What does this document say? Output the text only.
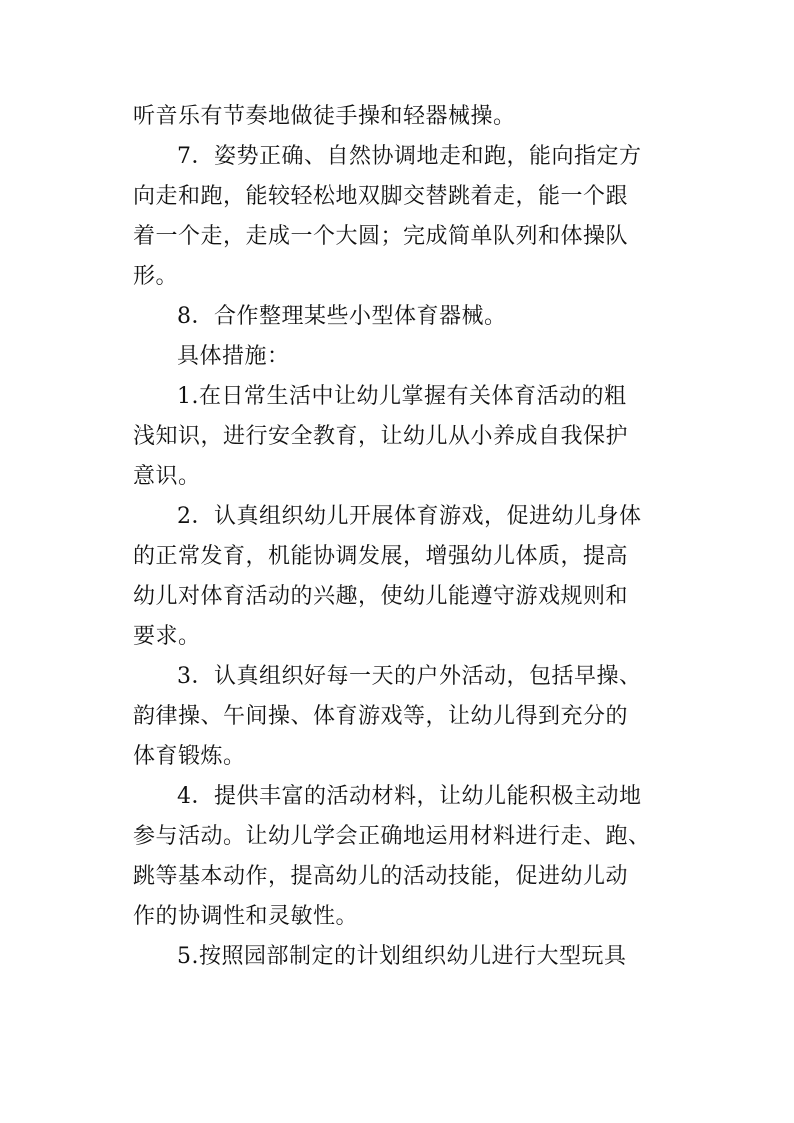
听音乐有节奏地做徒手操和轻器械操。
7．姿势正确、自然协调地走和跑，能向指定方
向走和跑，能较轻松地双脚交替跳着走，能一个跟
着一个走，走成一个大圆；完成简单队列和体操队
形。
8．合作整理某些小型体育器械。
具体措施：
1.在日常生活中让幼儿掌握有关体育活动的粗
浅知识，进行安全教育，让幼儿从小养成自我保护
意识。
2．认真组织幼儿开展体育游戏，促进幼儿身体
的正常发育，机能协调发展，增强幼儿体质，提高
幼儿对体育活动的兴趣，使幼儿能遵守游戏规则和
要求。
3．认真组织好每一天的户外活动，包括早操、
韵律操、午间操、体育游戏等，让幼儿得到充分的
体育锻炼。
4．提供丰富的活动材料，让幼儿能积极主动地
参与活动。让幼儿学会正确地运用材料进行走、跑、
跳等基本动作，提高幼儿的活动技能，促进幼儿动
作的协调性和灵敏性。
5.按照园部制定的计划组织幼儿进行大型玩具
